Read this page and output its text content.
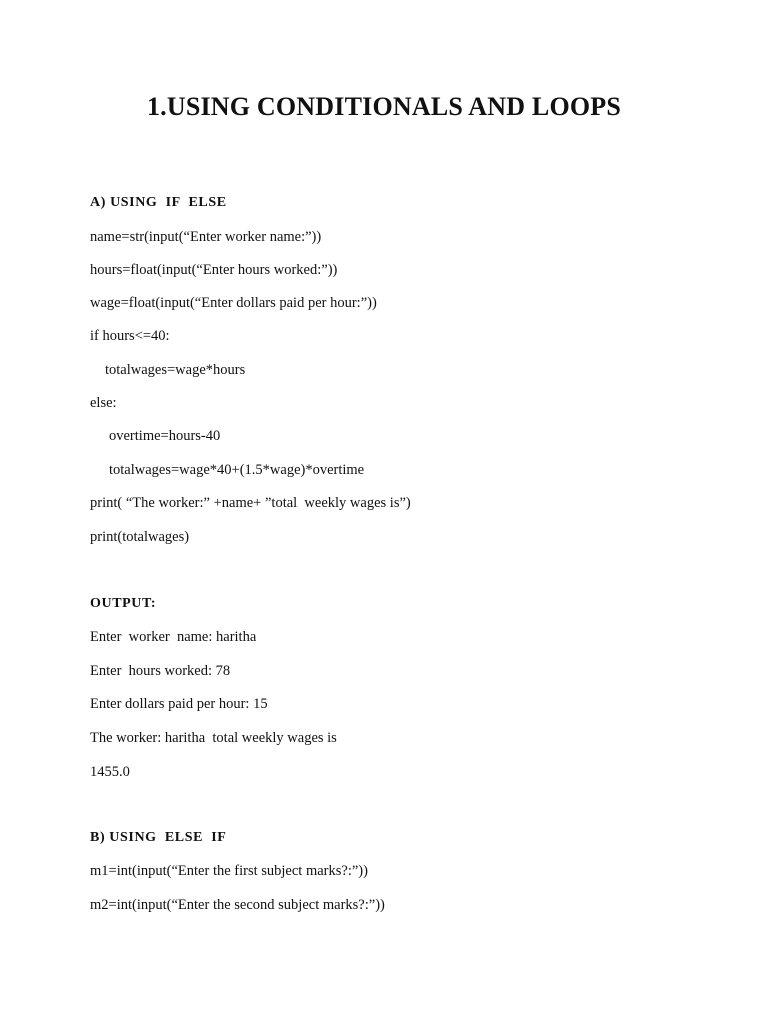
1.USING CONDITIONALS AND LOOPS
A) USING  IF  ELSE
name=str(input(“Enter worker name:”))
hours=float(input(“Enter hours worked:”))
wage=float(input(“Enter dollars paid per hour:”))
if hours<=40:
totalwages=wage*hours
else:
overtime=hours-40
totalwages=wage*40+(1.5*wage)*overtime
print( “The worker:” +name+ ”total  weekly wages is”)
print(totalwages)
OUTPUT:
Enter  worker  name: haritha
Enter  hours worked: 78
Enter dollars paid per hour: 15
The worker: haritha  total weekly wages is
1455.0
B) USING  ELSE  IF
m1=int(input(“Enter the first subject marks?:”))
m2=int(input(“Enter the second subject marks?:”))
